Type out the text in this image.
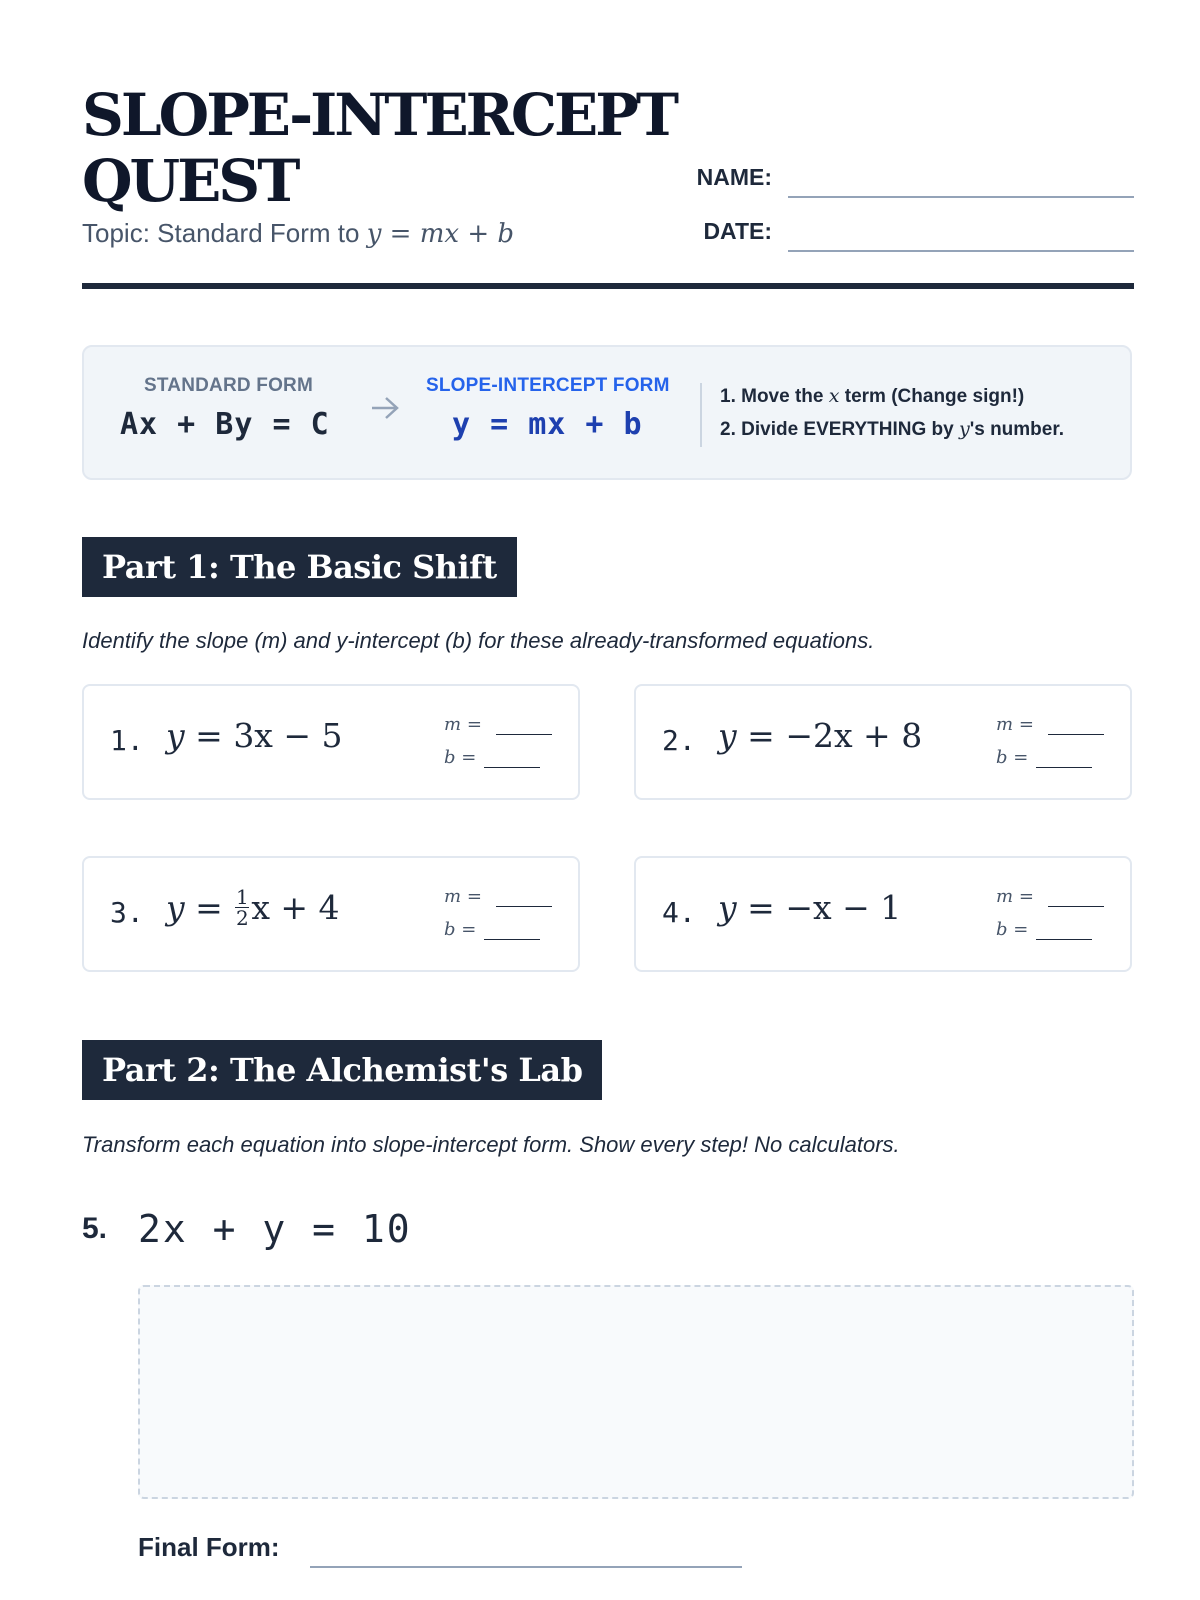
SLOPE-INTERCEPT
QUEST
Topic: Standard Form to y = mx + b
NAME:
DATE:
STANDARD FORM
Ax + By = C
SLOPE-INTERCEPT FORM
y = mx + b
1. Move the x term (Change sign!)
2. Divide EVERYTHING by y's number.
Part 1: The Basic Shift
Identify the slope (m) and y-intercept (b) for these already-transformed equations.
1. y = 3x − 5	m =
b =
2. y = −2x + 8	m =
b =
3. $y = \frac{1}{2}$ x + 4	m =
b =
4. y = −x − 1	m =
b =
Part 2: The Alchemist's Lab
Transform each equation into slope-intercept form. Show every step! No calculators.
5. 2x + y = 10
Final Form:
